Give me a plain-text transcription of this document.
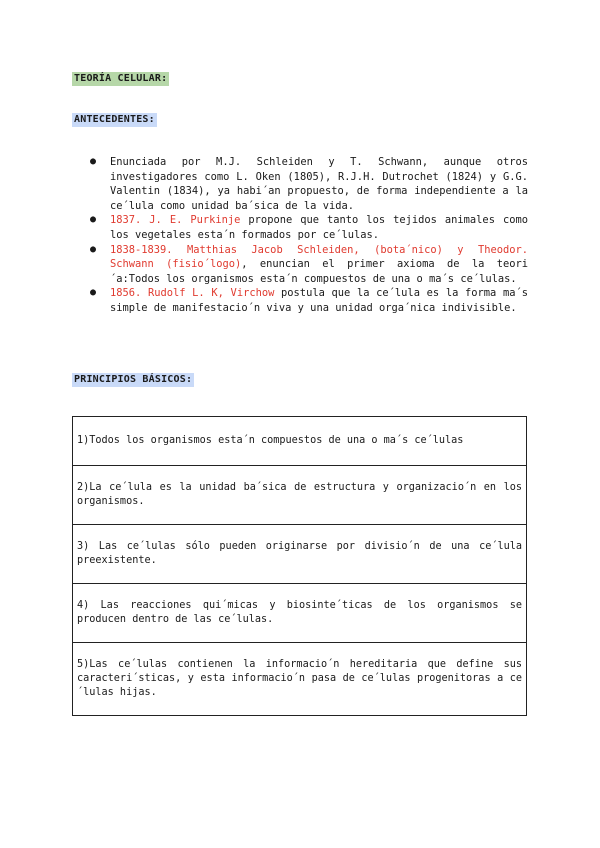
TEORÍA CELULAR:
ANTECEDENTES:
● Enunciada por M.J. Schleiden y T. Schwann, aunque otros investigadores como L. Oken (1805), R.J.H. Dutrochet (1824) y G.G. Valentin (1834), ya habi´an propuesto, de forma independiente a la ce´lula como unidad ba´sica de la vida.
● 1837. J. E. Purkinje propone que tanto los tejidos animales como los vegetales esta´n formados por ce´lulas.
● 1838-1839. Matthias Jacob Schleiden, (bota´nico) y Theodor. Schwann (fisio´logo), enuncian el primer axioma de la teori´a:Todos los organismos esta´n compuestos de una o ma´s ce´lulas.
● 1856. Rudolf L. K, Virchow postula que la ce´lula es la forma ma´s simple de manifestacio´n viva y una unidad orga´nica indivisible.
PRINCIPIOS BÁSICOS:
1)Todos los organismos esta´n compuestos de una o ma´s ce´lulas
2)La ce´lula es la unidad ba´sica de estructura y organizacio´n en los organismos.
3) Las ce´lulas sólo pueden originarse por divisio´n de una ce´lula preexistente.
4) Las reacciones qui´micas y biosinte´ticas de los organismos se producen dentro de las ce´lulas.
5)Las ce´lulas contienen la informacio´n hereditaria que define sus caracteri´sticas, y esta informacio´n pasa de ce´lulas progenitoras a ce´lulas hijas.
